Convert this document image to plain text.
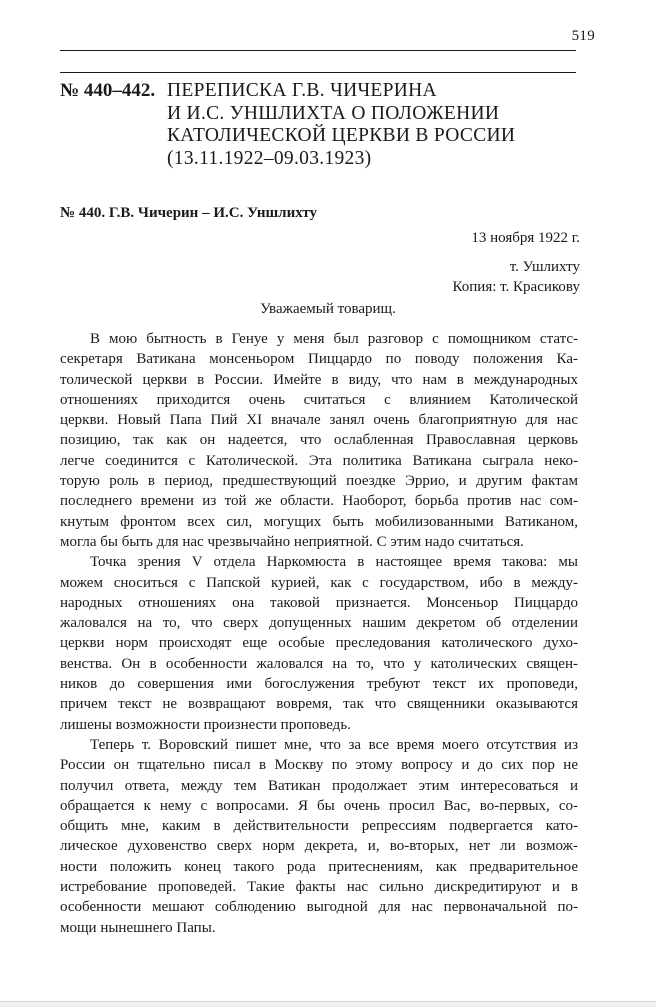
519
№ 440–442. ПЕРЕПИСКА Г.В. ЧИЧЕРИНА
И И.С. УНШЛИХТА О ПОЛОЖЕНИИ
КАТОЛИЧЕСКОЙ ЦЕРКВИ В РОССИИ
(13.11.1922–09.03.1923)
№ 440. Г.В. Чичерин – И.С. Уншлихту
13 ноября 1922 г.
т. Ушлихту
Копия: т. Красикову
Уважаемый товарищ.

В мою бытность в Генуе у меня был разговор с помощником статс-
секретаря Ватикана монсеньором Пиццардо по поводу положения Ка-
толической церкви в России. Имейте в виду, что нам в международных
отношениях приходится очень считаться с влиянием Католической
церкви. Новый Папа Пий XI вначале занял очень благоприятную для нас
позицию, так как он надеется, что ослабленная Православная церковь
легче соединится с Католической. Эта политика Ватикана сыграла неко-
торую роль в период, предшествующий поездке Эррио, и другим фактам
последнего времени из той же области. Наоборот, борьба против нас сом-
кнутым фронтом всех сил, могущих быть мобилизованными Ватиканом,
могла бы быть для нас чрезвычайно неприятной. С этим надо считаться.

Точка зрения V отдела Наркомюста в настоящее время такова: мы
можем сноситься с Папской курией, как с государством, ибо в между-
народных отношениях она таковой признается. Монсеньор Пиццардо
жаловался на то, что сверх допущенных нашим декретом об отделении
церкви норм происходят еще особые преследования католического духо-
венства. Он в особенности жаловался на то, что у католических священ-
ников до совершения ими богослужения требуют текст их проповеди,
причем текст не возвращают вовремя, так что священники оказываются
лишены возможности произнести проповедь.

Теперь т. Воровский пишет мне, что за все время моего отсутствия из
России он тщательно писал в Москву по этому вопросу и до сих пор не
получил ответа, между тем Ватикан продолжает этим интересоваться и
обращается к нему с вопросами. Я бы очень просил Вас, во-первых, со-
общить мне, каким в действительности репрессиям подвергается като-
лическое духовенство сверх норм декрета, и, во-вторых, нет ли возмож-
ности положить конец такого рода притеснениям, как предварительное
истребование проповедей. Такие факты нас сильно дискредитируют и в
особенности мешают соблюдению выгодной для нас первоначальной по-
мощи нынешнего Папы.
